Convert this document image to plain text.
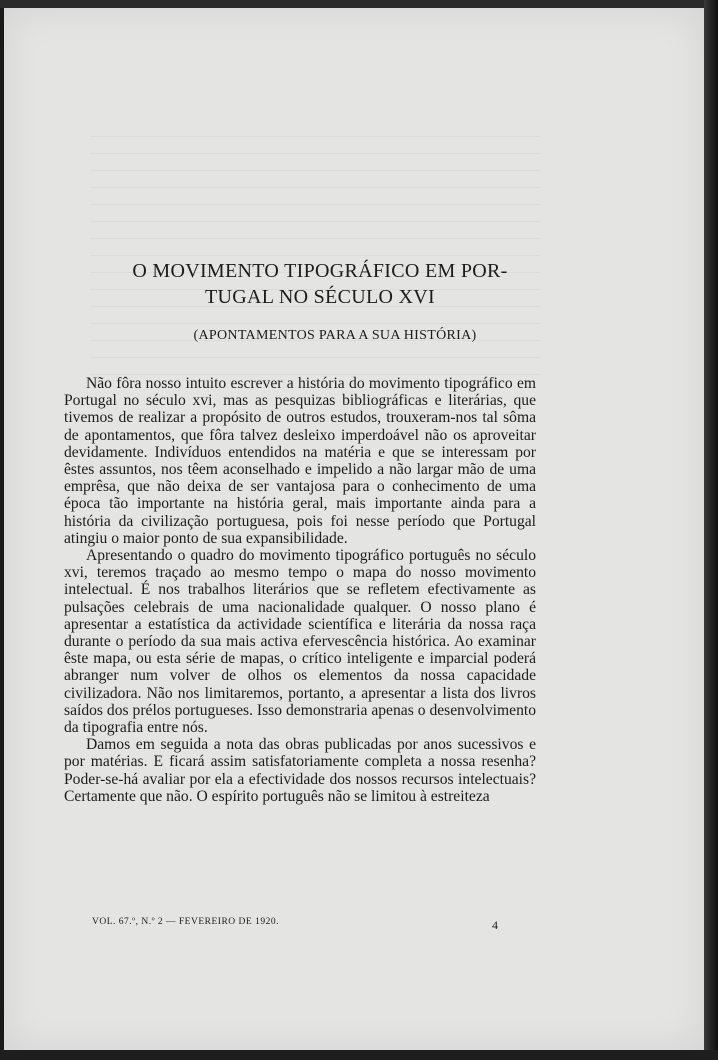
O MOVIMENTO TIPOGRÁFICO EM POR-
TUGAL NO SÉCULO XVI
(APONTAMENTOS PARA A SUA HISTÓRIA)

Não fôra nosso intuito escrever a história do movimento tipográfico em Portugal no século xvi, mas as pesquizas bibliográficas e literárias, que tivemos de realizar a propósito de outros estudos, trouxeram-nos tal sôma de apontamentos, que fôra talvez desleixo imperdoável não os aproveitar devidamente. Indivíduos entendidos na matéria e que se interessam por êstes assuntos, nos têem aconselhado e impelido a não largar mão de uma emprêsa, que não deixa de ser vantajosa para o conhecimento de uma época tão importante na história geral, mais importante ainda para a história da civilização portuguesa, pois foi nesse período que Portugal atingiu o maior ponto de sua expansibilidade.

Apresentando o quadro do movimento tipográfico português no século xvi, teremos traçado ao mesmo tempo o mapa do nosso movimento intelectual. É nos trabalhos literários que se refletem efectivamente as pulsações celebrais de uma nacionalidade qualquer. O nosso plano é apresentar a estatística da actividade scientífica e literária da nossa raça durante o período da sua mais activa efervescência histórica. Ao examinar êste mapa, ou esta série de mapas, o crítico inteligente e imparcial poderá abranger num volver de olhos os elementos da nossa capacidade civilizadora. Não nos limitaremos, portanto, a apresentar a lista dos livros saídos dos prélos portugueses. Isso demonstraria apenas o desenvolvimento da tipografia entre nós.

Damos em seguida a nota das obras publicadas por anos sucessivos e por matérias. E ficará assim satisfatoriamente completa a nossa resenha? Poder-se-há avaliar por ela a efectividade dos nossos recursos intelectuais? Certamente que não. O espírito português não se limitou à estreiteza

VOL. 67.º, N.º 2 — FEVEREIRO DE 1920.	4
